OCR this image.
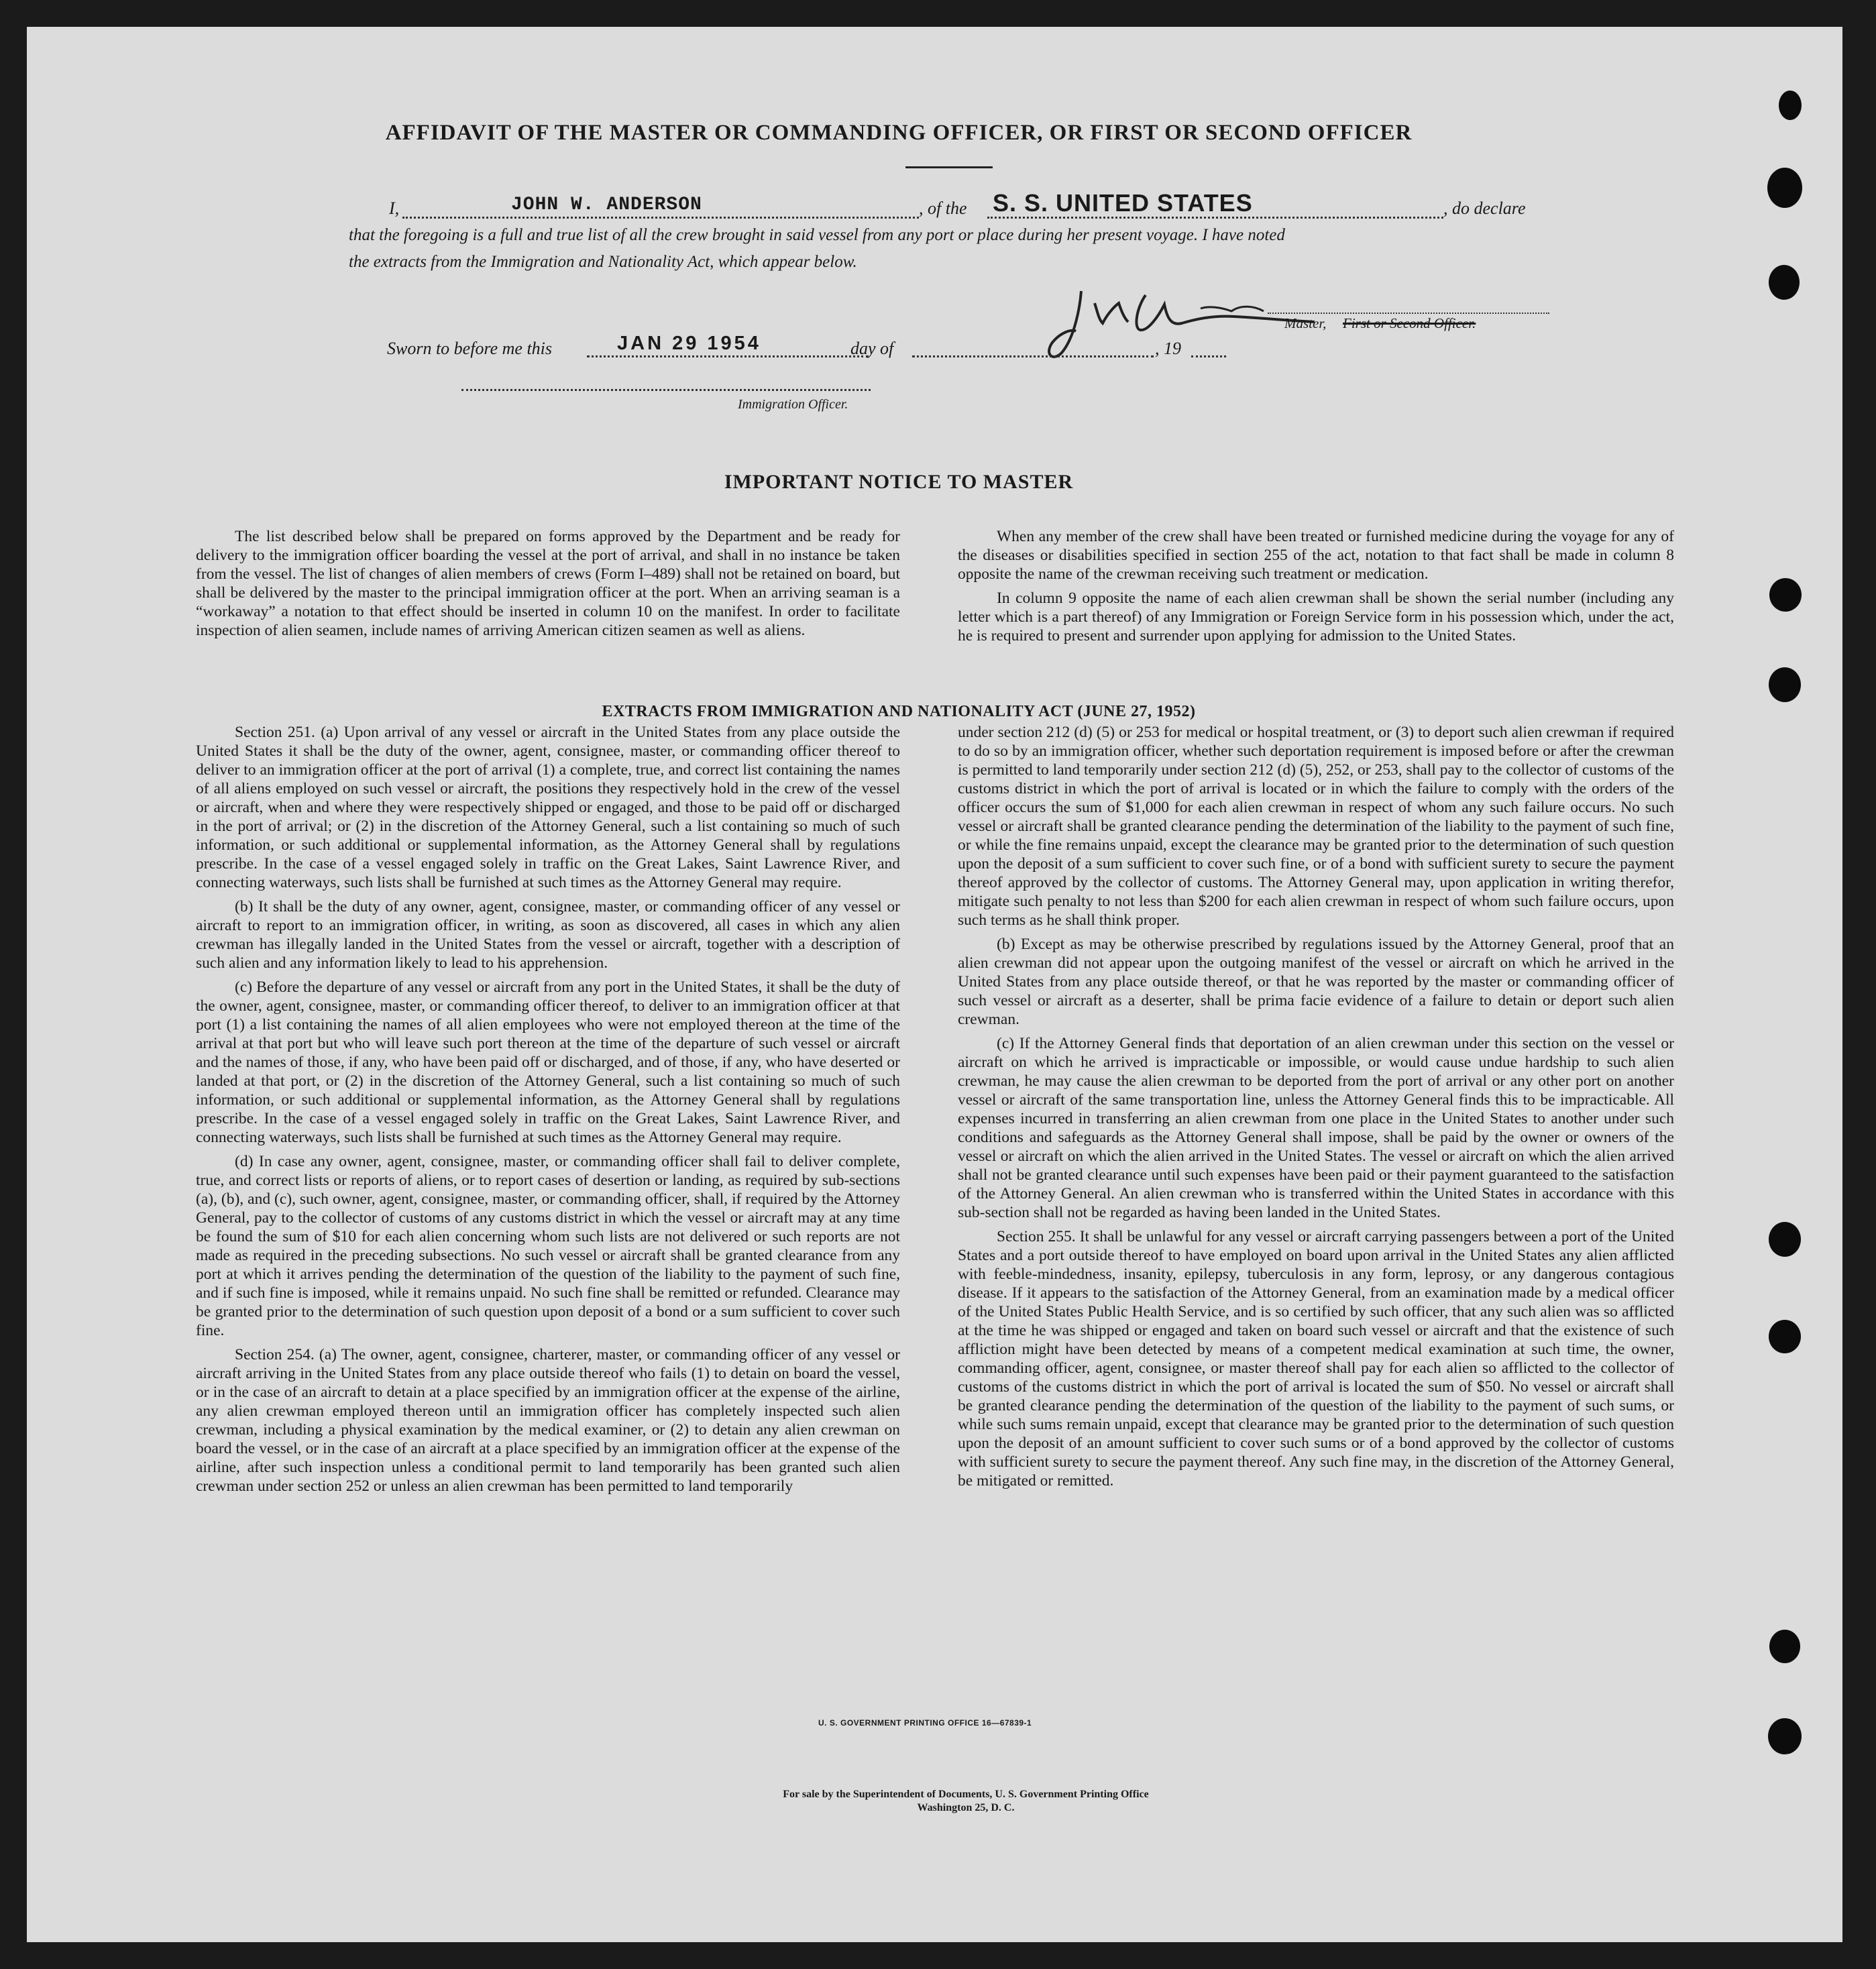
AFFIDAVIT OF THE MASTER OR COMMANDING OFFICER, OR FIRST OR SECOND OFFICER
I,	JOHN W. ANDERSON	, of the S. S. UNITED STATES	, do declare
that the foregoing is a full and true list of all the crew brought in said vessel from any port or place during her present voyage. I have noted
the extracts from the Immigration and Nationality Act, which appear below.
Sworn to before me this	JAN 29 1954	day of	, 19
Master, First or Second Officer.
Immigration Officer.
IMPORTANT NOTICE TO MASTER

The list described below shall be prepared on forms approved by the Department and be ready for delivery to the immigration officer boarding the vessel at the port of arrival, and shall in no instance be taken from the vessel. The list of changes of alien members of crews (Form I–489) shall not be retained on board, but shall be delivered by the master to the principal immigration officer at the port. When an arriving seaman is a “workaway” a notation to that effect should be inserted in column 10 on the manifest. In order to facilitate inspection of alien seamen, include names of arriving American citizen seamen as well as aliens.

When any member of the crew shall have been treated or furnished medicine during the voyage for any of the diseases or disabilities specified in section 255 of the act, notation to that fact shall be made in column 8 opposite the name of the crewman receiving such treatment or medication.

In column 9 opposite the name of each alien crewman shall be shown the serial number (including any letter which is a part thereof) of any Immigration or Foreign Service form in his possession which, under the act, he is required to present and surrender upon applying for admission to the United States.

EXTRACTS FROM IMMIGRATION AND NATIONALITY ACT (JUNE 27, 1952)

Section 251. (a) Upon arrival of any vessel or aircraft in the United States from any place outside the United States it shall be the duty of the owner, agent, consignee, master, or commanding officer thereof to deliver to an immigration officer at the port of arrival (1) a complete, true, and correct list containing the names of all aliens employed on such vessel or aircraft, the positions they respectively hold in the crew of the vessel or aircraft, when and where they were respectively shipped or engaged, and those to be paid off or discharged in the port of arrival; or (2) in the discretion of the Attorney General, such a list containing so much of such information, or such additional or supplemental information, as the Attorney General shall by regulations prescribe. In the case of a vessel engaged solely in traffic on the Great Lakes, Saint Lawrence River, and connecting waterways, such lists shall be furnished at such times as the Attorney General may require.

(b) It shall be the duty of any owner, agent, consignee, master, or commanding officer of any vessel or aircraft to report to an immigration officer, in writing, as soon as discovered, all cases in which any alien crewman has illegally landed in the United States from the vessel or aircraft, together with a description of such alien and any information likely to lead to his apprehension.

(c) Before the departure of any vessel or aircraft from any port in the United States, it shall be the duty of the owner, agent, consignee, master, or commanding officer thereof, to deliver to an immigration officer at that port (1) a list containing the names of all alien employees who were not employed thereon at the time of the arrival at that port but who will leave such port thereon at the time of the departure of such vessel or aircraft and the names of those, if any, who have been paid off or discharged, and of those, if any, who have deserted or landed at that port, or (2) in the discretion of the Attorney General, such a list containing so much of such information, or such additional or supplemental information, as the Attorney General shall by regulations prescribe. In the case of a vessel engaged solely in traffic on the Great Lakes, Saint Lawrence River, and connecting waterways, such lists shall be furnished at such times as the Attorney General may require.

(d) In case any owner, agent, consignee, master, or commanding officer shall fail to deliver complete, true, and correct lists or reports of aliens, or to report cases of desertion or landing, as required by sub-sections (a), (b), and (c), such owner, agent, consignee, master, or commanding officer, shall, if required by the Attorney General, pay to the collector of customs of any customs district in which the vessel or aircraft may at any time be found the sum of $10 for each alien concerning whom such lists are not delivered or such reports are not made as required in the preceding subsections. No such vessel or aircraft shall be granted clearance from any port at which it arrives pending the determination of the question of the liability to the payment of such fine, and if such fine is imposed, while it remains unpaid. No such fine shall be remitted or refunded. Clearance may be granted prior to the determination of such question upon deposit of a bond or a sum sufficient to cover such fine.

Section 254. (a) The owner, agent, consignee, charterer, master, or commanding officer of any vessel or aircraft arriving in the United States from any place outside thereof who fails (1) to detain on board the vessel, or in the case of an aircraft to detain at a place specified by an immigration officer at the expense of the airline, any alien crewman employed thereon until an immigration officer has completely inspected such alien crewman, including a physical examination by the medical examiner, or (2) to detain any alien crewman on board the vessel, or in the case of an aircraft at a place specified by an immigration officer at the expense of the airline, after such inspection unless a conditional permit to land temporarily has been granted such alien crewman under section 252 or unless an alien crewman has been permitted to land temporarily

under section 212 (d) (5) or 253 for medical or hospital treatment, or (3) to deport such alien crewman if required to do so by an immigration officer, whether such deportation requirement is imposed before or after the crewman is permitted to land temporarily under section 212 (d) (5), 252, or 253, shall pay to the collector of customs of the customs district in which the port of arrival is located or in which the failure to comply with the orders of the officer occurs the sum of $1,000 for each alien crewman in respect of whom any such failure occurs. No such vessel or aircraft shall be granted clearance pending the determination of the liability to the payment of such fine, or while the fine remains unpaid, except the clearance may be granted prior to the determination of such question upon the deposit of a sum sufficient to cover such fine, or of a bond with sufficient surety to secure the payment thereof approved by the collector of customs. The Attorney General may, upon application in writing therefor, mitigate such penalty to not less than $200 for each alien crewman in respect of whom such failure occurs, upon such terms as he shall think proper.

(b) Except as may be otherwise prescribed by regulations issued by the Attorney General, proof that an alien crewman did not appear upon the outgoing manifest of the vessel or aircraft on which he arrived in the United States from any place outside thereof, or that he was reported by the master or commanding officer of such vessel or aircraft as a deserter, shall be prima facie evidence of a failure to detain or deport such alien crewman.

(c) If the Attorney General finds that deportation of an alien crewman under this section on the vessel or aircraft on which he arrived is impracticable or impossible, or would cause undue hardship to such alien crewman, he may cause the alien crewman to be deported from the port of arrival or any other port on another vessel or aircraft of the same transportation line, unless the Attorney General finds this to be impracticable. All expenses incurred in transferring an alien crewman from one place in the United States to another under such conditions and safeguards as the Attorney General shall impose, shall be paid by the owner or owners of the vessel or aircraft on which the alien arrived in the United States. The vessel or aircraft on which the alien arrived shall not be granted clearance until such expenses have been paid or their payment guaranteed to the satisfaction of the Attorney General. An alien crewman who is transferred within the United States in accordance with this sub-section shall not be regarded as having been landed in the United States.

Section 255. It shall be unlawful for any vessel or aircraft carrying passengers between a port of the United States and a port outside thereof to have employed on board upon arrival in the United States any alien afflicted with feeble-mindedness, insanity, epilepsy, tuberculosis in any form, leprosy, or any dangerous contagious disease. If it appears to the satisfaction of the Attorney General, from an examination made by a medical officer of the United States Public Health Service, and is so certified by such officer, that any such alien was so afflicted at the time he was shipped or engaged and taken on board such vessel or aircraft and that the existence of such affliction might have been detected by means of a competent medical examination at such time, the owner, commanding officer, agent, consignee, or master thereof shall pay for each alien so afflicted to the collector of customs of the customs district in which the port of arrival is located the sum of $50. No vessel or aircraft shall be granted clearance pending the determination of the question of the liability to the payment of such sums, or while such sums remain unpaid, except that clearance may be granted prior to the determination of such question upon the deposit of an amount sufficient to cover such sums or of a bond approved by the collector of customs with sufficient surety to secure the payment thereof. Any such fine may, in the discretion of the Attorney General, be mitigated or remitted.

U. S. GOVERNMENT PRINTING OFFICE 16—67839-1
For sale by the Superintendent of Documents, U. S. Government Printing Office
Washington 25, D. C.
